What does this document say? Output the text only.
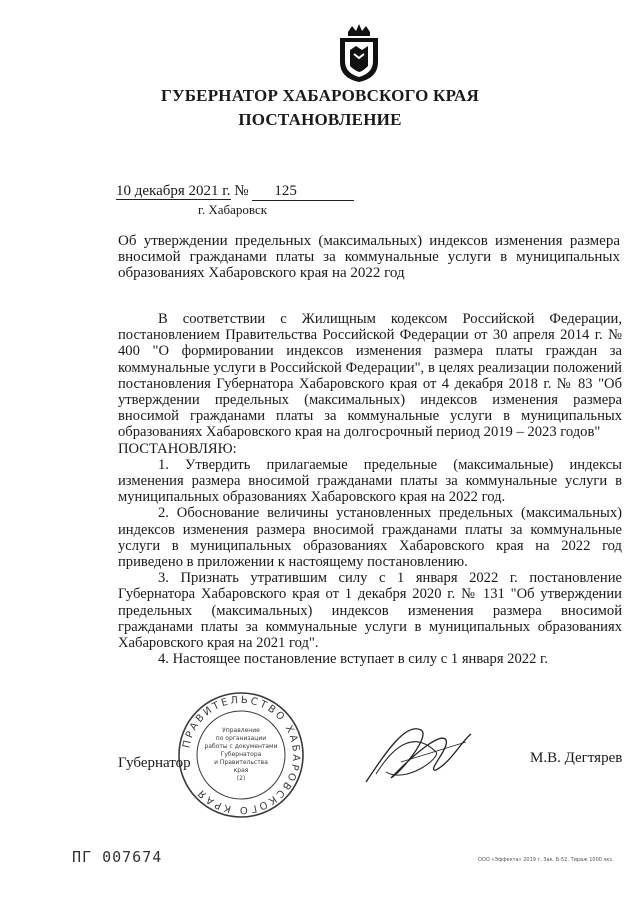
ГУБЕРНАТОР ХАБАРОВСКОГО КРАЯ
ПОСТАНОВЛЕНИЕ
10 декабря 2021 г. № 125
г. Хабаровск
Об утверждении предельных (максимальных) индексов изменения размера вносимой гражданами платы за коммунальные услуги в муниципальных образованиях Хабаровского края на 2022 год

В соответствии с Жилищным кодексом Российской Федерации, постановлением Правительства Российской Федерации от 30 апреля 2014 г. № 400 "О формировании индексов изменения размера платы граждан за коммунальные услуги в Российской Федерации", в целях реализации положений постановления Губернатора Хабаровского края от 4 декабря 2018 г. № 83 "Об утверждении предельных (максимальных) индексов изменения размера вносимой гражданами платы за коммунальные услуги в муниципальных образованиях Хабаровского края на долгосрочный период 2019 – 2023 годов"

ПОСТАНОВЛЯЮ:

1. Утвердить прилагаемые предельные (максимальные) индексы изменения размера вносимой гражданами платы за коммунальные услуги в муниципальных образованиях Хабаровского края на 2022 год.

2. Обоснование величины установленных предельных (максимальных) индексов изменения размера вносимой гражданами платы за коммунальные услуги в муниципальных образованиях Хабаровского края на 2022 год приведено в приложении к настоящему постановлению.

3. Признать утратившим силу с 1 января 2022 г. постановление Губернатора Хабаровского края от 1 декабря 2020 г. № 131 "Об утверждении предельных (максимальных) индексов изменения размера вносимой гражданами платы за коммунальные услуги в муниципальных образованиях Хабаровского края на 2021 год".

4. Настоящее постановление вступает в силу с 1 января 2022 г.

ПРАВИТЕЛЬСТВО ХАБАРОВСКОГО КРАЯ
Управление
по организации
работы с документами
Губернатора
и Правительства
края
(2)
Губернатор	М.В. Дегтярев
ПГ 007674	ООО «Эффекта» 2019 г. Зак. Б-52. Тираж 1000 экз.
